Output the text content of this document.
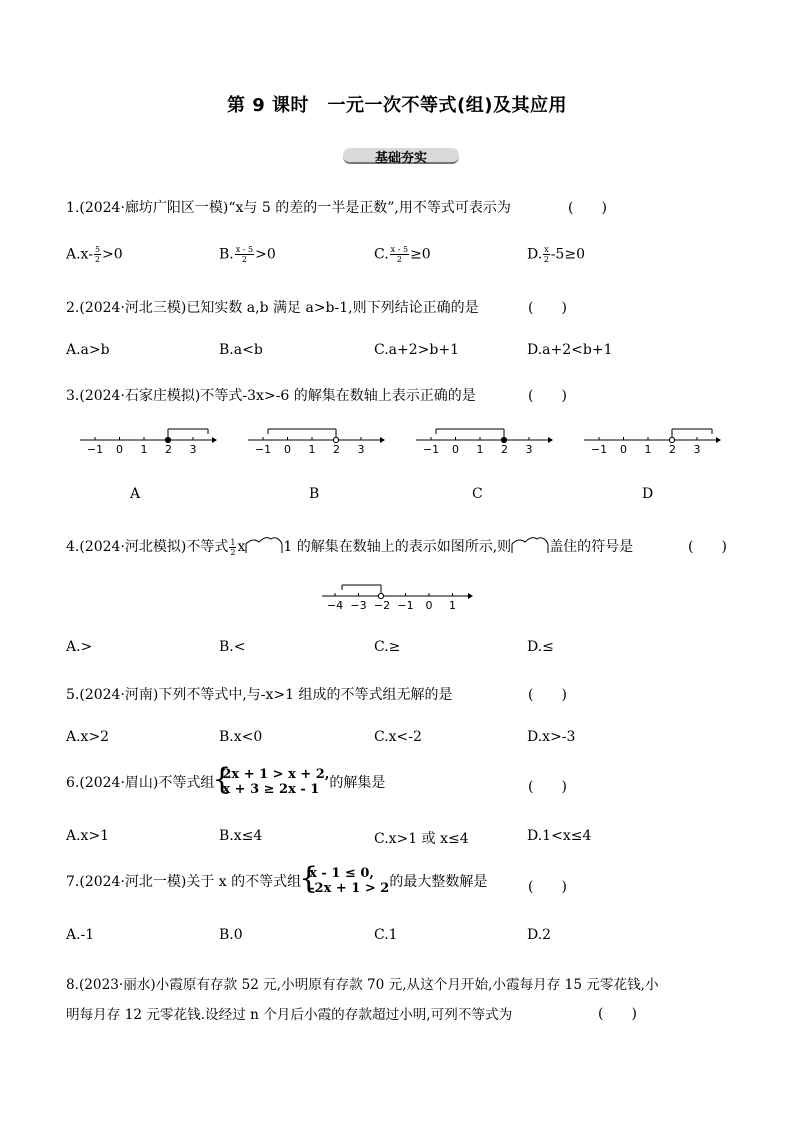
第 9 课时　一元一次不等式(组)及其应用
基础夯实
1.(2024·廊坊广阳区一模)“x与 5 的差的一半是正数”,用不等式可表示为	(　　)
$A.x- \frac{5}{2} >0$	B. $\frac{x - 5}{2} >0$	C. $\frac{x - 5}{2} \ge 0$	D. $\frac{x}{2} -5\ge 0$
2.(2024·河北三模)已知实数 a,b 满足 a>b-1,则下列结论正确的是	(　　)
A.a>b	B.a<b	C.a+2>b+1	D.a+2<b+1
3.(2024·石家庄模拟)不等式-3x>-6 的解集在数轴上表示正确的是	(　　)
−1 0 1 2 3	−1 0 1 2 3	−1 0 1 2 3	−1 0 1 2 3
A	B	C	D
4.(2024·河北模拟)不等式 $\frac{1}{2}$ x	1 的解集在数轴上的表示如图所示,则	盖住的符号是	(　　)
−4 −3 −2 −1 0 1
A.>	B.<	C.≥	D.≤
5.(2024·河南)下列不等式中,与-x>1 组成的不等式组无解的是	(　　)
A.x>2	B.x<0	C.x<-2	D.x>-3
6.(2024·眉山)不等式组
{
2x + 1 > x + 2,
x + 3 ≥ 2x - 1 的解集是	(　　)
A.x>1	B.x≤4	C.x>1 或 x≤4	D.1<x≤4
7.(2024·河北一模)关于 x 的不等式组
{
x - 1 ≤ 0,
-2x + 1 > 2 的最大整数解是	(　　)
A.-1	B.0	C.1	D.2
8.(2023·丽水)小霞原有存款 52 元,小明原有存款 70 元,从这个月开始,小霞每月存 15 元零花钱,小
明每月存 12 元零花钱.设经过 n 个月后小霞的存款超过小明,可列不等式为	(　　)
